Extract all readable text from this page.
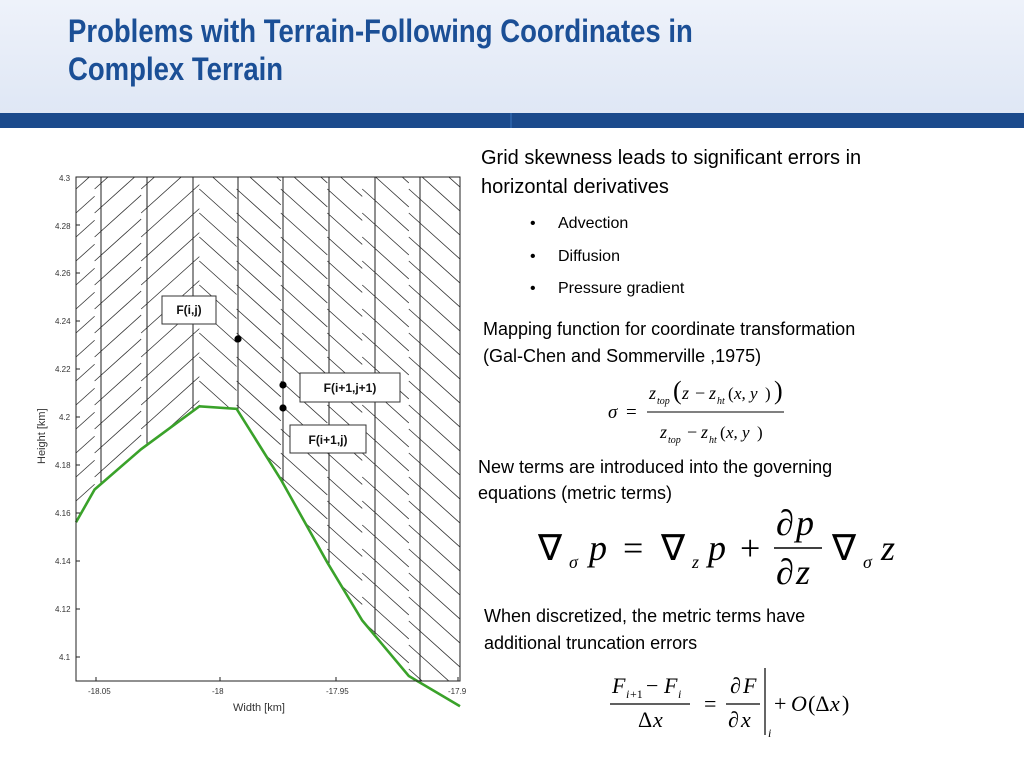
Problems with Terrain-Following Coordinates in
Complex Terrain
4.3
4.28
4.26
4.24
4.22
4.2
4.18
4.16
4.14
4.12
4.1
-18.05	-18	-17.95	-17.9
Width [km]
Height [km]
F(i,j)
F(i+1,j+1)
F(i+1,j)
Grid skewness leads to significant errors in
horizontal derivatives
• Advection
• Diffusion
• Pressure gradient
Mapping function for coordinate transformation
(Gal-Chen and Sommerville ,1975)
σ =
z top ( z − z ht ( x, y ) )
z top − z ht ( x, y )
New terms are introduced into the governing
equations (metric terms)
∇ σ p = ∇ z p +
∂ p
∂ z
∇ σ z
When discretized, the metric terms have
additional truncation errors
F i +1 − F i
Δ x
=
∂ F
∂ x
i
+ O (Δ x )
